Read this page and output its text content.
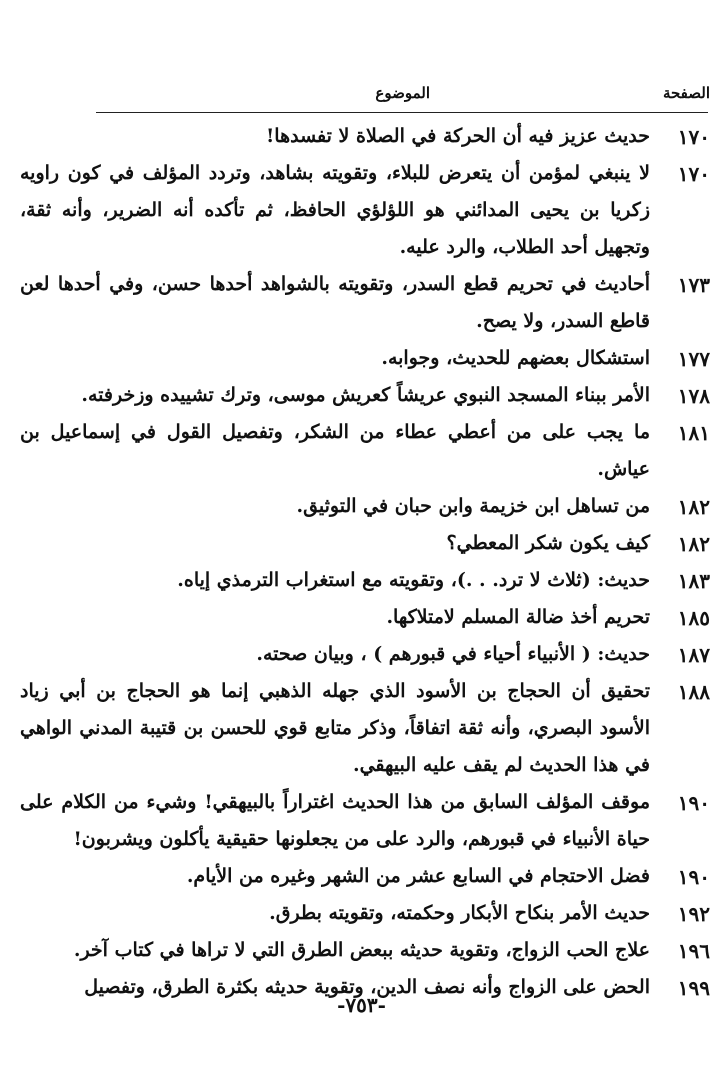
الصفحة
الموضوع
١٧٠
حديث عزيز فيه أن الحركة في الصلاة لا تفسدها!
١٧٠
لا ينبغي لمؤمن أن يتعرض للبلاء، وتقويته بشاهد، وتردد المؤلف في كون راويه زكريا بن يحيى المدائني هو اللؤلؤي الحافظ، ثم تأكده أنه الضرير، وأنه ثقة، وتجهيل أحد الطلاب، والرد عليه.
١٧٣
أحاديث في تحريم قطع السدر، وتقويته بالشواهد أحدها حسن، وفي أحدها لعن قاطع السدر، ولا يصح.
١٧٧
استشكال بعضهم للحديث، وجوابه.
١٧٨
الأمر ببناء المسجد النبوي عريشاً كعريش موسى، وترك تشييده وزخرفته.
١٨١
ما يجب على من أعطي عطاء من الشكر، وتفصيل القول في إسماعيل بن عياش.
١٨٢
من تساهل ابن خزيمة وابن حبان في التوثيق.
١٨٢
كيف يكون شكر المعطي؟
١٨٣
حديث: (ثلاث لا ترد. . .)، وتقويته مع استغراب الترمذي إياه.
١٨٥
تحريم أخذ ضالة المسلم لامتلاكها.
١٨٧
حديث: ( الأنبياء أحياء في قبورهم ) ، وبيان صحته.
١٨٨
تحقيق أن الحجاج بن الأسود الذي جهله الذهبي إنما هو الحجاج بن أبي زياد الأسود البصري، وأنه ثقة اتفاقاً، وذكر متابع قوي للحسن بن قتيبة المدني الواهي في هذا الحديث لم يقف عليه البيهقي.
١٩٠
موقف المؤلف السابق من هذا الحديث اغتراراً بالبيهقي! وشيء من الكلام على حياة الأنبياء في قبورهم، والرد على من يجعلونها حقيقية يأكلون ويشربون!
١٩٠
فضل الاحتجام في السابع عشر من الشهر وغيره من الأيام.
١٩٢
حديث الأمر بنكاح الأبكار وحكمته، وتقويته بطرق.
١٩٦
علاج الحب الزواج، وتقوية حديثه ببعض الطرق التي لا تراها في كتاب آخر.
١٩٩
الحض على الزواج وأنه نصف الدين، وتقوية حديثه بكثرة الطرق، وتفصيل
-٧٥٣-
